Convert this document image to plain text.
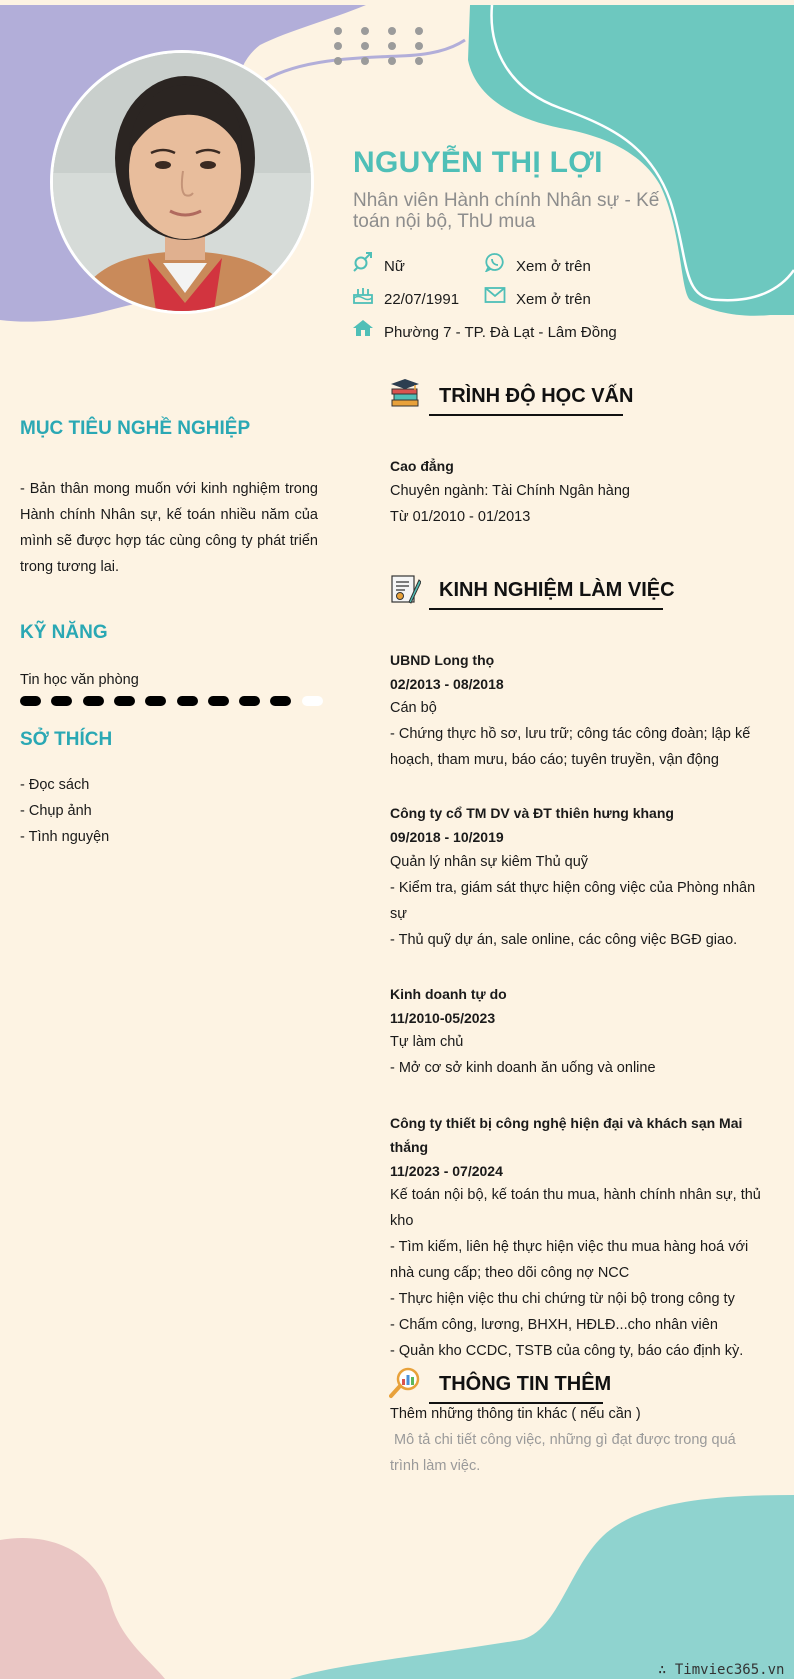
NGUYỄN THỊ LỢI
Nhân viên Hành chính Nhân sự - Kế toán nội bộ, ThU mua
Nữ	Xem ở trên
22/07/1991	Xem ở trên
Phường 7 - TP. Đà Lạt - Lâm Đồng
MỤC TIÊU NGHỀ NGHIỆP
- Bản thân mong muốn với kinh nghiệm trong Hành chính Nhân sự, kế toán nhiều năm của mình sẽ được hợp tác cùng công ty phát triển trong tương lai.
KỸ NĂNG
Tin học văn phòng
SỞ THÍCH
- Đọc sách
- Chụp ảnh
- Tình nguyện
TRÌNH ĐỘ HỌC VẤN
Cao đẳng
Chuyên ngành: Tài Chính Ngân hàng
Từ 01/2010 - 01/2013
KINH NGHIỆM LÀM VIỆC
UBND Long thọ
02/2013 - 08/2018
Cán bộ
- Chứng thực hồ sơ, lưu trữ; công tác công đoàn; lập kế
hoạch, tham mưu, báo cáo; tuyên truyền, vận động
Công ty cổ TM DV và ĐT thiên hưng khang
09/2018 - 10/2019
Quản lý nhân sự kiêm Thủ quỹ
- Kiểm tra, giám sát thực hiện công việc của Phòng nhân
sự
- Thủ quỹ dự án, sale online, các công việc BGĐ giao.
Kinh doanh tự do
11/2010-05/2023
Tự làm chủ
- Mở cơ sở kinh doanh ăn uống và online
Công ty thiết bị công nghệ hiện đại và khách sạn Mai
thắng
11/2023 - 07/2024
Kế toán nội bộ, kế toán thu mua, hành chính nhân sự, thủ
kho
- Tìm kiếm, liên hệ thực hiện việc thu mua hàng hoá với
nhà cung cấp; theo dõi công nợ NCC
- Thực hiện việc thu chi chứng từ nội bộ trong công ty
- Chấm công, lương, BHXH, HĐLĐ...cho nhân viên
- Quản kho CCDC, TSTB của công ty, báo cáo định kỳ.
THÔNG TIN THÊM
Thêm những thông tin khác ( nếu cần )
Mô tả chi tiết công việc, những gì đạt được trong quá
trình làm việc.
∴ Timviec365.vn
